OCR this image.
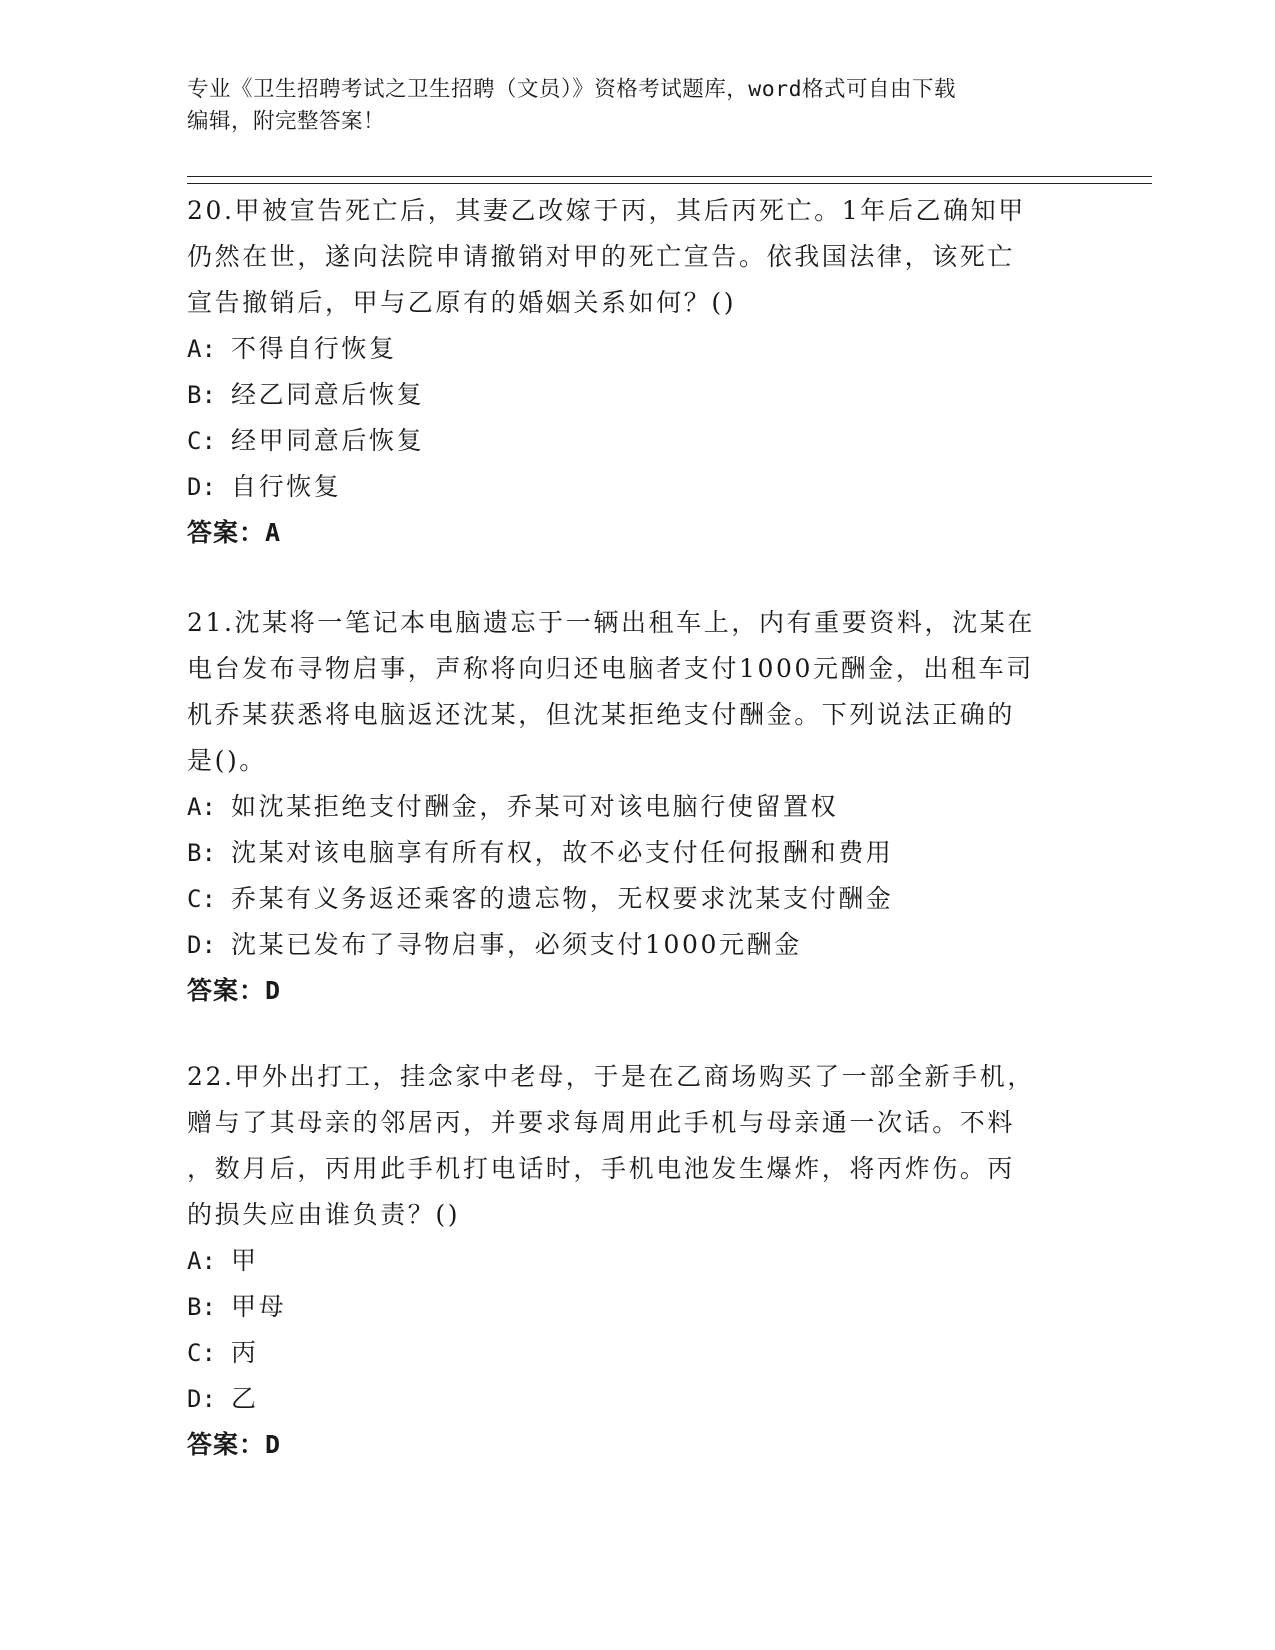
专业《卫生招聘考试之卫生招聘（文员）》资格考试题库，word格式可自由下载
编辑，附完整答案！
20.甲被宣告死亡后，其妻乙改嫁于丙，其后丙死亡。1年后乙确知甲
仍然在世，遂向法院申请撤销对甲的死亡宣告。依我国法律，该死亡
宣告撤销后，甲与乙原有的婚姻关系如何？()
A: 不得自行恢复
B: 经乙同意后恢复
C: 经甲同意后恢复
D: 自行恢复
答案：A
21.沈某将一笔记本电脑遗忘于一辆出租车上，内有重要资料，沈某在
电台发布寻物启事，声称将向归还电脑者支付1000元酬金，出租车司
机乔某获悉将电脑返还沈某，但沈某拒绝支付酬金。下列说法正确的
是()。
A: 如沈某拒绝支付酬金，乔某可对该电脑行使留置权
B: 沈某对该电脑享有所有权，故不必支付任何报酬和费用
C: 乔某有义务返还乘客的遗忘物，无权要求沈某支付酬金
D: 沈某已发布了寻物启事，必须支付1000元酬金
答案：D
22.甲外出打工，挂念家中老母，于是在乙商场购买了一部全新手机，
赠与了其母亲的邻居丙，并要求每周用此手机与母亲通一次话。不料
，数月后，丙用此手机打电话时，手机电池发生爆炸，将丙炸伤。丙
的损失应由谁负责？()
A: 甲
B: 甲母
C: 丙
D: 乙
答案：D
